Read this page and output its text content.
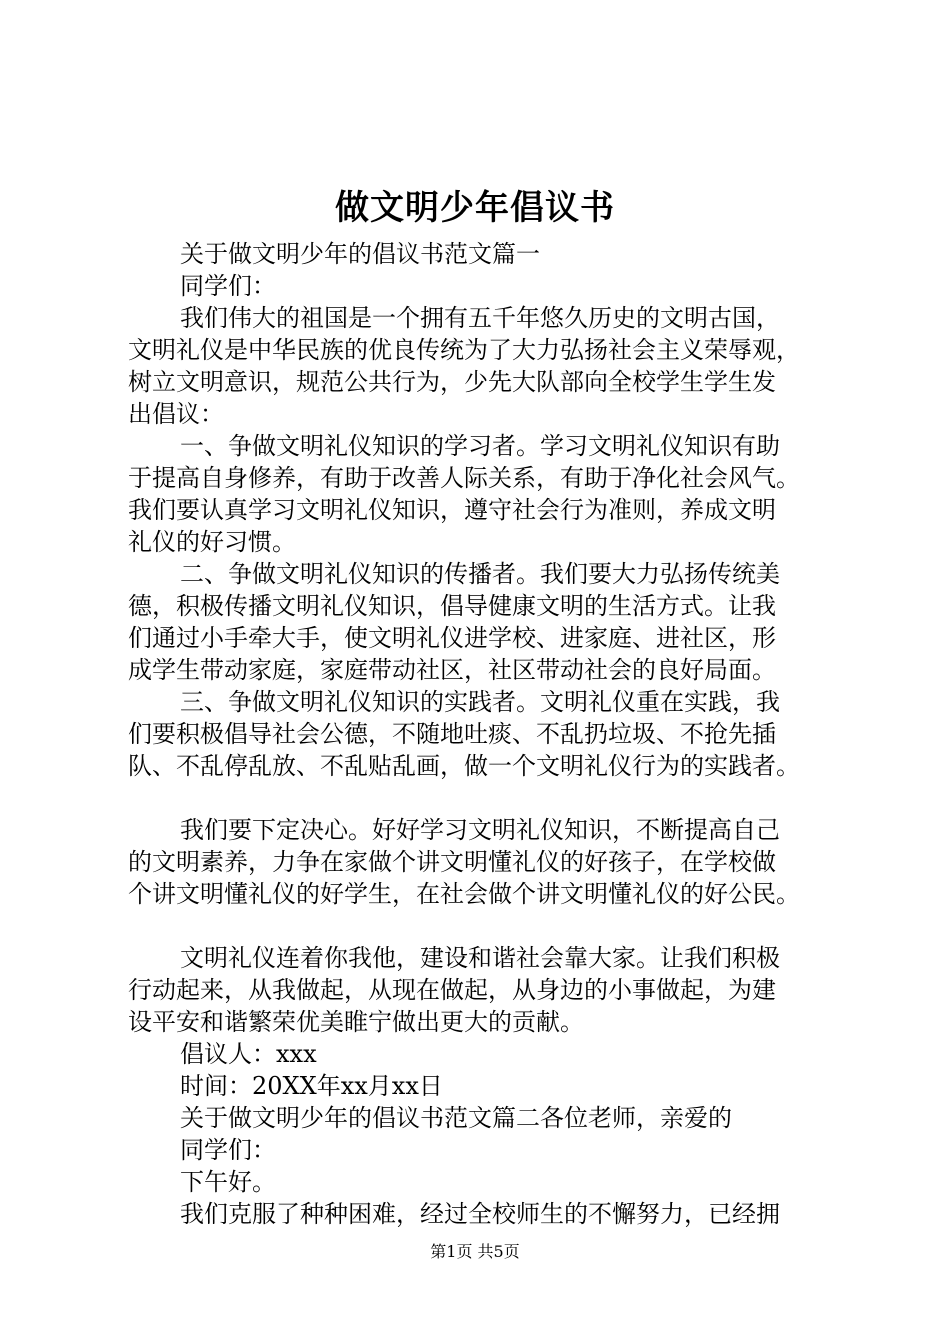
做文明少年倡议书
关于做文明少年的倡议书范文篇一
同学们：
我们伟大的祖国是一个拥有五千年悠久历史的文明古国，
文明礼仪是中华民族的优良传统为了大力弘扬社会主义荣辱观，
树立文明意识，规范公共行为，少先大队部向全校学生学生发
出倡议：
一、争做文明礼仪知识的学习者。学习文明礼仪知识有助
于提高自身修养，有助于改善人际关系，有助于净化社会风气。
我们要认真学习文明礼仪知识，遵守社会行为准则，养成文明
礼仪的好习惯。
二、争做文明礼仪知识的传播者。我们要大力弘扬传统美
德，积极传播文明礼仪知识，倡导健康文明的生活方式。让我
们通过小手牵大手，使文明礼仪进学校、进家庭、进社区，形
成学生带动家庭，家庭带动社区，社区带动社会的良好局面。
三、争做文明礼仪知识的实践者。文明礼仪重在实践，我
们要积极倡导社会公德，不随地吐痰、不乱扔垃圾、不抢先插
队、不乱停乱放、不乱贴乱画，做一个文明礼仪行为的实践者。
我们要下定决心。好好学习文明礼仪知识，不断提高自己
的文明素养，力争在家做个讲文明懂礼仪的好孩子，在学校做
个讲文明懂礼仪的好学生，在社会做个讲文明懂礼仪的好公民。
文明礼仪连着你我他，建设和谐社会靠大家。让我们积极
行动起来，从我做起，从现在做起，从身边的小事做起，为建
设平安和谐繁荣优美睢宁做出更大的贡献。
倡议人：xxx
时间：20XX年xx月xx日
关于做文明少年的倡议书范文篇二各位老师，亲爱的
同学们：
下午好。
我们克服了种种困难，经过全校师生的不懈努力，已经拥
第1页 共5页
